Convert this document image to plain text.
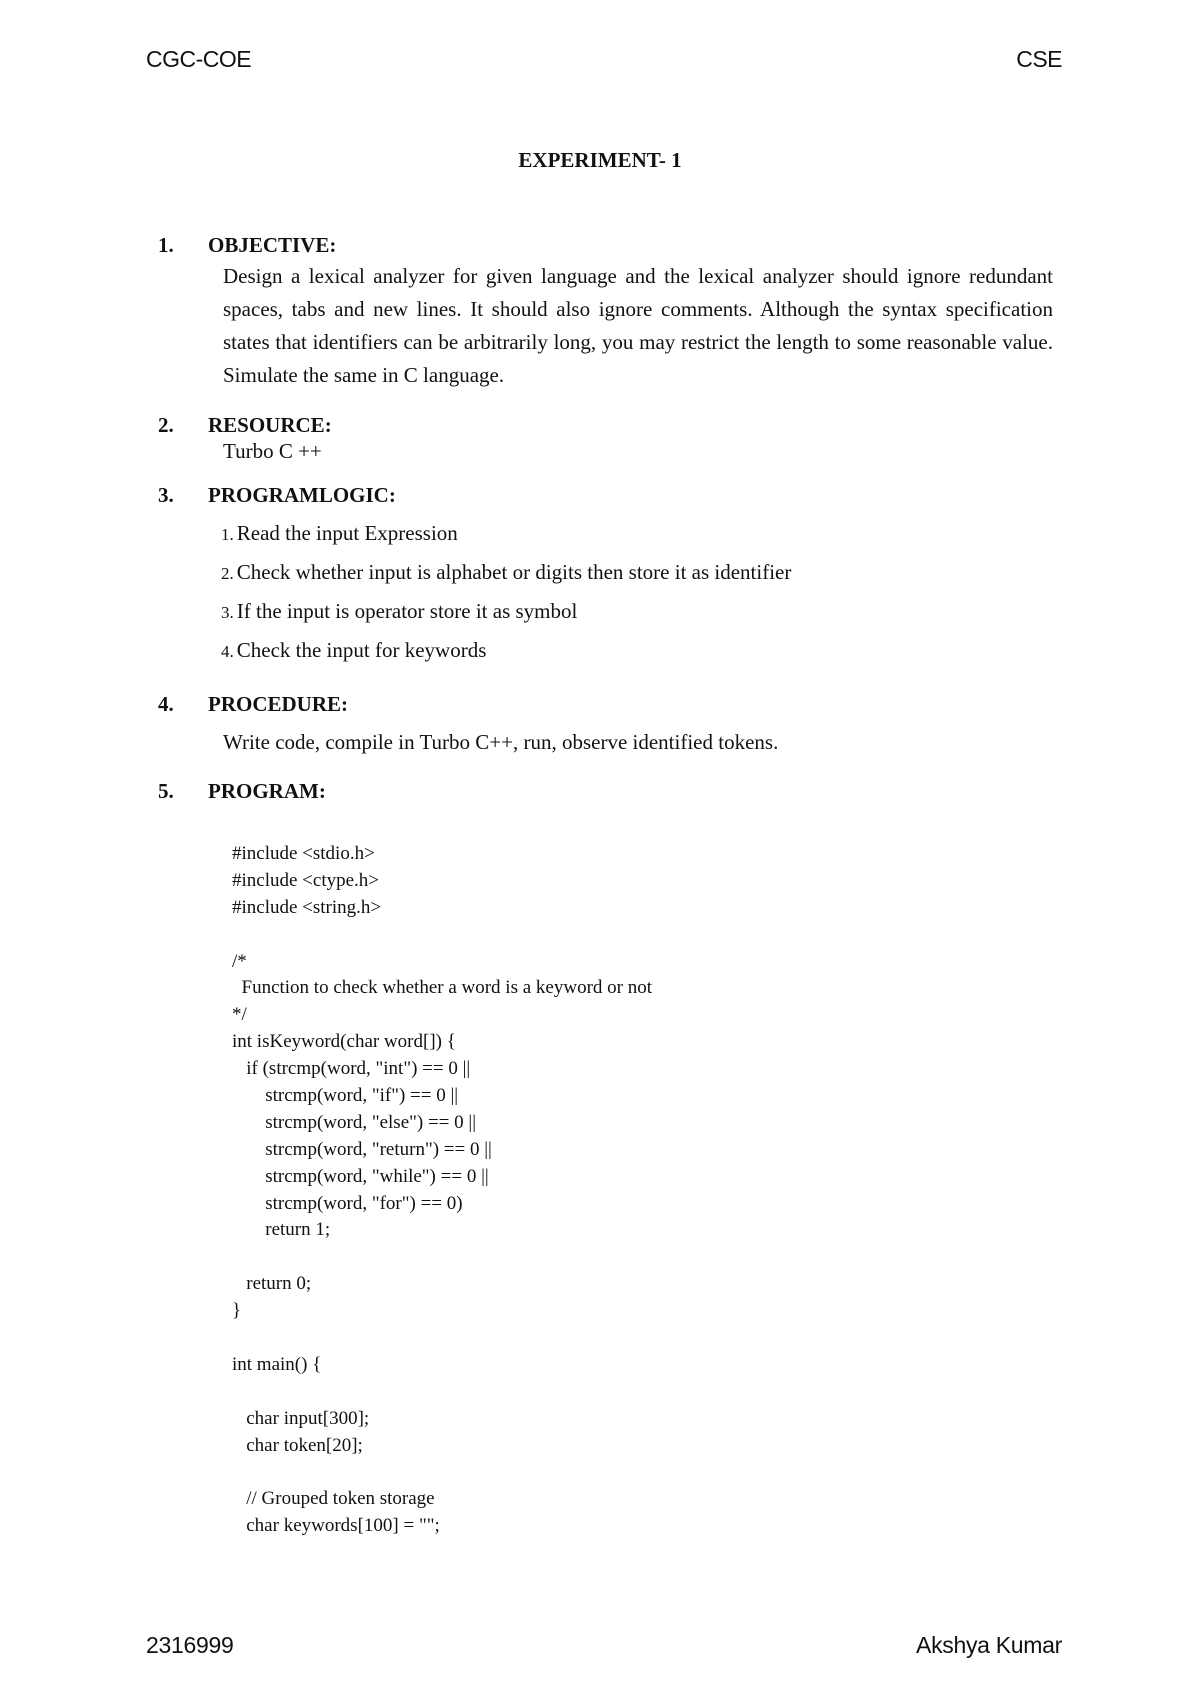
CGC-COE	CSE
EXPERIMENT- 1
1. OBJECTIVE:
Design a lexical analyzer for given language and the lexical analyzer should ignore redundant spaces, tabs and new lines. It should also ignore comments. Although the syntax specification states that identifiers can be arbitrarily long, you may restrict the length to some reasonable value. Simulate the same in C language.
2. RESOURCE:
Turbo C ++
3. PROGRAMLOGIC:
1. Read the input Expression
2. Check whether input is alphabet or digits then store it as identifier
3. If the input is operator store it as symbol
4. Check the input for keywords
4. PROCEDURE:
Write code, compile in Turbo C++, run, observe identified tokens.
5. PROGRAM:
#include <stdio.h>
#include <ctype.h>
#include <string.h>
/*
Function to check whether a word is a keyword or not
*/
int isKeyword(char word[]) {
if (strcmp(word, "int") == 0 ||
strcmp(word, "if") == 0 ||
strcmp(word, "else") == 0 ||
strcmp(word, "return") == 0 ||
strcmp(word, "while") == 0 ||
strcmp(word, "for") == 0)
return 1;
return 0;
}
int main() {
char input[300];
char token[20];
// Grouped token storage
char keywords[100] = "";
2316999	Akshya Kumar
